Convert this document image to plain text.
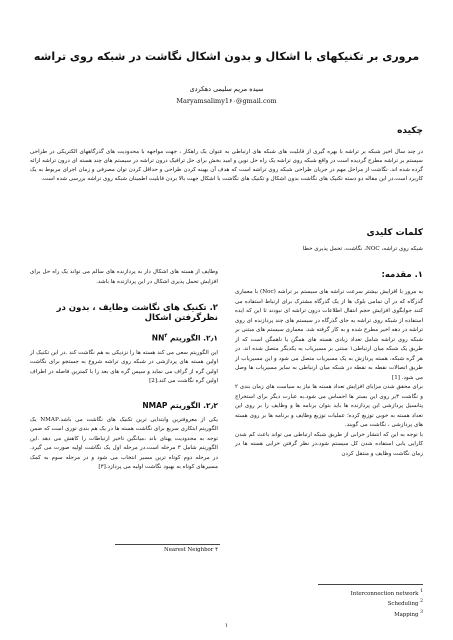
مروری بر تکنیکهای با اشکال و بدون اشکال نگاشت در شبکه روی تراشه
سیده مریم سلیمی دهکردی
Maryamsalimy1۶۰@gmail.com
چکیده

در چند سال اخیر شبکه بر تراشه با بهره گیری از قابلیت های شبکه های ارتباطی به عنوان یک راهکار ، جهت مواجهه با محدودیت های گذرگاههای الکتریکی در طراحی سیستم بر تراشه مطرح گردیده است در واقع شبکه روی تراشه یک راه حل نوین و امید بخش برای حل ترافیک درون تراشه در سیستم های چند هسته ای درون تراشه ارائه گرده شده اند. نگاشت از مراحل مهم در جریان طراحی شبکه روی تراشه است که هدف آن بهینه کردن طراحی و حداقل کردن توان مصرفی و زمان اجرای مربوط به یک کاربرد است.در این مقاله دو دسته تکنیک های نگاشت بدون اشکال و تکنیک های نگاشت با اشکال جهت بالا بردن قابلیت اطمینان شبکه روی تراشه بررسی شده است.

کلمات کلیدی
شبکه روی تراشه، NOC، نگاشت، تحمل پذیری خطا
۱. مقدمه:

به مرور با افزایش بیشتر سرعت تراشه های سیستم بر تراشه (Noc) با معماری گذرگاه که در آن تمامی بلوک ها از یک گذرگاه مشترک برای ارتباط استفاده می کنند جوابگوی افزایش حجم انتقال اطلاعات درون تراشه ای نبودند تا این که ایده استفاده از شبکه روی تراشه به جای گذرگاه در سیستم های چند پردازنده ای روی تراشه در دهه اخیر مطرح شده و به کار گرفته شد. معماری سیستم های مبتنی بر شبکه روی تراشه شامل تعداد زیادی هسته های همگن یا ناهمگن است که از طریق یک شبکه میان ارتباطی۱ مبتنی بر مسیریاب به یکدیگر متصل شده اند. در هر گره شبکه، هسته پردازش به یک مسیریاب متصل می شود و این مسیریاب از طریق اتصالات نقطه به نقطه در شبکه میان ارتباطی به سایر مسیریاب ها وصل می شود. [1]

برای محقق شدن مزایای افزایش تعداد هسته ها نیاز به سیاست های زمان بندی ۲ و نگاشت ۳بر روی این بستر ها احساس می شود.به عبارت دیگر برای استخراج پتانسیل پردازشی این پردازنده ها باید بتوان برنامه ها و وظایف را بر روی این تعداد هسته به خوبی توزیع کرده؛ عملیات توزیع وظایف و برنامه ها بر روی هسته های پردازشی ، نگاشت می گویند.

با توجه به این که انتشار خرابی از طریق شبکه ارتباطی می تواند باعث کم شدن کارایی یابی استفاده شدن کل سیستم شود،در نظر گرفتن خرابی هسته ها در زمان نگاشت وظایف و منتقل کردن

Interconnection network $^1$
Scheduling $^2$
Mapping $^3$

وظایف از هسته های اشکال دار به پردازنده های سالم می تواند یک راه حل برای افزایش تحمل پذیری اشکال در این پردازنده ها باشد.

۲. تکنیک های نگاشت وظایف ، بدون در نظرگرفتن اشکال
۲٫۱. الگوریتم $NN^۴$

این الگوریتم سعی می کند هسته ها را نزدیکی به هم نگاشت کند .در این تکنیک از اولین هسته های پردازشی در شبکه روی تراشه شروع به جستجو برای نگاشت اولین گره از گراف می نماید و سپس گره های بعد را با کمترین فاصله در اطراف اولین گره نگاشت می کند.[2]

۲٫۲. الگوریتم NMAP

یکی از معروفترین وابتدایی ترین تکنیک های نگاشت می باشد.NMAP یک الگوریتم ابتکاری سریع برای نگاشت هسته ها در یک هم بندی توری است که ضمن توجه به محدودیت پهنای باند ،میانگین تاخیر ارتباطات را کاهش می دهد .این الگوریتم شامل ۳ مرحله است.در مرحله اول یک نگاشت اولیه صورت می گیرد. در مرحله دوم کوتاه ترین مسیر انتخاب می شود و در مرحله سوم به کمک مسیرهای کوتاه به بهبود نگاشت اولیه می پردازد.[۳]

Nearest Neighbor ۴
۱
